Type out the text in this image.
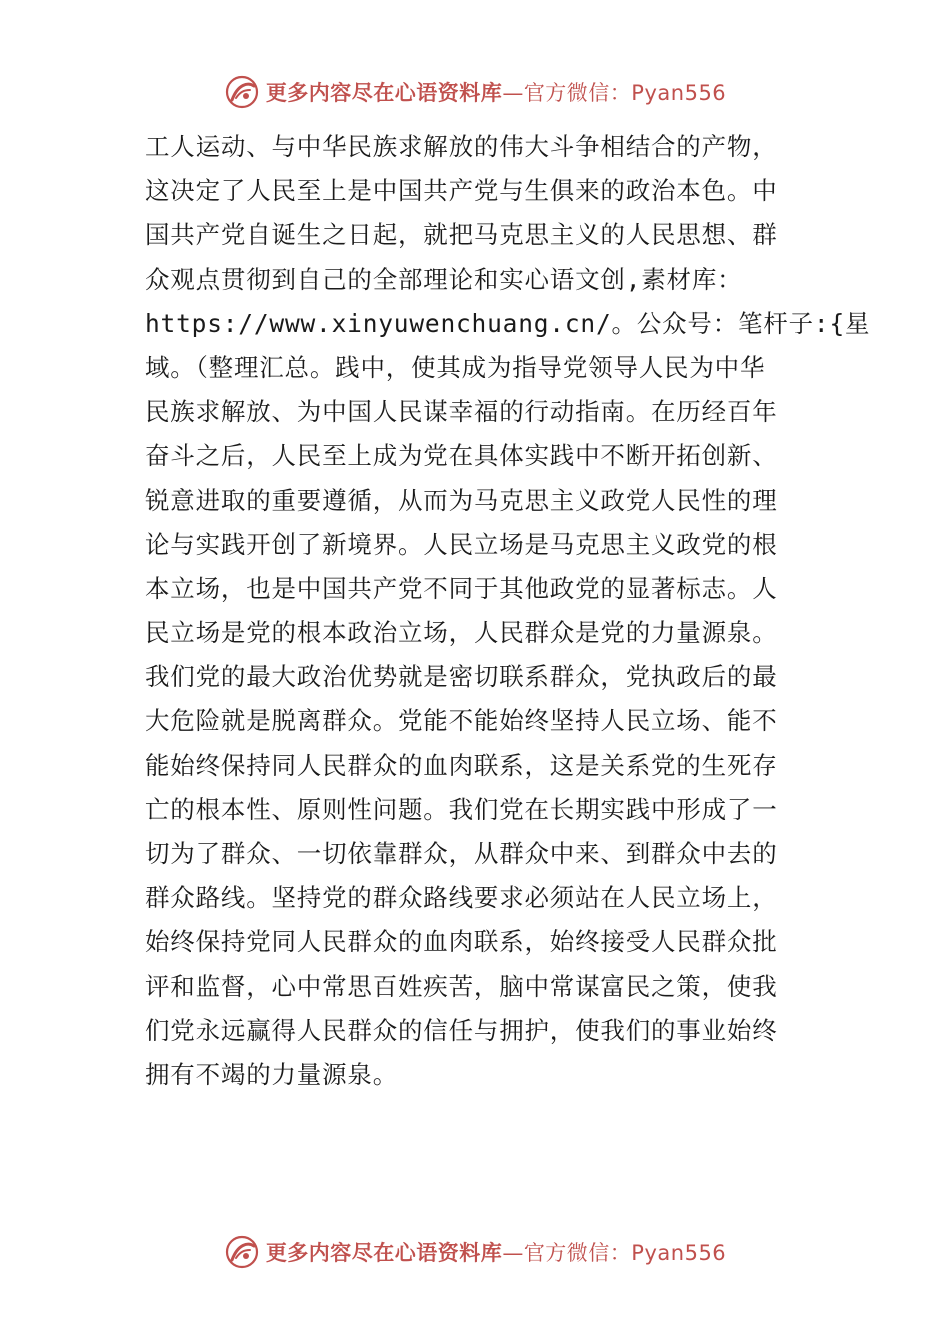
更多内容尽在心语资料库—官方微信：Pyan556
工人运动、与中华民族求解放的伟大斗争相结合的产物，
这决定了人民至上是中国共产党与生俱来的政治本色。中
国共产党自诞生之日起，就把马克思主义的人民思想、群
众观点贯彻到自己的全部理论和实心语文创,素材库：
https://www.xinyuwenchuang.cn/。公众号：笔杆子:{星
域。（整理汇总。践中，使其成为指导党领导人民为中华
民族求解放、为中国人民谋幸福的行动指南。在历经百年
奋斗之后，人民至上成为党在具体实践中不断开拓创新、
锐意进取的重要遵循，从而为马克思主义政党人民性的理
论与实践开创了新境界。人民立场是马克思主义政党的根
本立场，也是中国共产党不同于其他政党的显著标志。人
民立场是党的根本政治立场，人民群众是党的力量源泉。
我们党的最大政治优势就是密切联系群众，党执政后的最
大危险就是脱离群众。党能不能始终坚持人民立场、能不
能始终保持同人民群众的血肉联系，这是关系党的生死存
亡的根本性、原则性问题。我们党在长期实践中形成了一
切为了群众、一切依靠群众，从群众中来、到群众中去的
群众路线。坚持党的群众路线要求必须站在人民立场上，
始终保持党同人民群众的血肉联系，始终接受人民群众批
评和监督，心中常思百姓疾苦，脑中常谋富民之策，使我
们党永远赢得人民群众的信任与拥护，使我们的事业始终
拥有不竭的力量源泉。
更多内容尽在心语资料库—官方微信：Pyan556
